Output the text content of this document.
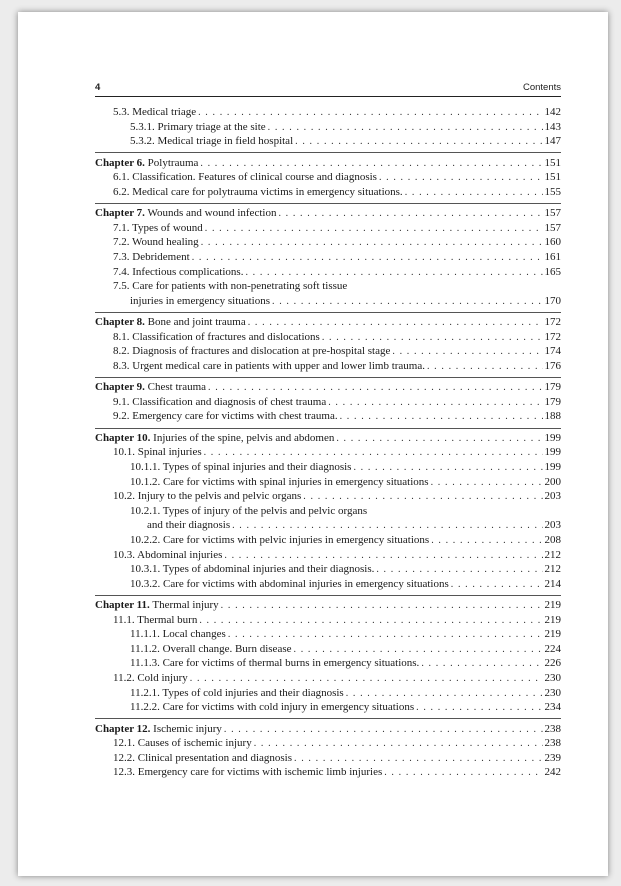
4	Contents
5.3. Medical triage . . .	142
5.3.1. Primary triage at the site . . .	143
5.3.2. Medical triage in field hospital . . .	147
Chapter 6. Polytrauma . . .	151
6.1. Classification. Features of clinical course and diagnosis . . .	151
6.2. Medical care for polytrauma victims in emergency situations. . . .	155
Chapter 7. Wounds and wound infection . . .	157
7.1. Types of wound . . .	157
7.2. Wound healing . . .	160
7.3. Debridement . . .	161
7.4. Infectious complications. . . .	165
7.5. Care for patients with non-penetrating soft tissue
injuries in emergency situations . . .	170
Chapter 8. Bone and joint trauma . . .	172
8.1. Classification of fractures and dislocations . . .	172
8.2. Diagnosis of fractures and dislocation at pre-hospital stage . . .	174
8.3. Urgent medical care in patients with upper and lower limb trauma. . . .	176
Chapter 9. Chest trauma . . .	179
9.1. Classification and diagnosis of chest trauma . . .	179
9.2. Emergency care for victims with chest trauma. . . .	188
Chapter 10. Injuries of the spine, pelvis and abdomen . . .	199
10.1. Spinal injuries . . .	199
10.1.1. Types of spinal injuries and their diagnosis . . .	199
10.1.2. Care for victims with spinal injuries in emergency situations . . .	200
10.2. Injury to the pelvis and pelvic organs . . .	203
10.2.1. Types of injury of the pelvis and pelvic organs
and their diagnosis . . .	203
10.2.2. Care for victims with pelvic injuries in emergency situations . . .	208
10.3. Abdominal injuries . . .	212
10.3.1. Types of abdominal injuries and their diagnosis. . . .	212
10.3.2. Care for victims with abdominal injuries in emergency situations . . .	214
Chapter 11. Thermal injury . . .	219
11.1. Thermal burn . . .	219
11.1.1. Local changes . . .	219
11.1.2. Overall change. Burn disease . . .	224
11.1.3. Care for victims of thermal burns in emergency situations. . . .	226
11.2. Cold injury . . .	230
11.2.1. Types of cold injuries and their diagnosis . . .	230
11.2.2. Care for victims with cold injury in emergency situations . . .	234
Chapter 12. Ischemic injury . . .	238
12.1. Causes of ischemic injury . . .	238
12.2. Clinical presentation and diagnosis . . .	239
12.3. Emergency care for victims with ischemic limb injuries . . .	242
